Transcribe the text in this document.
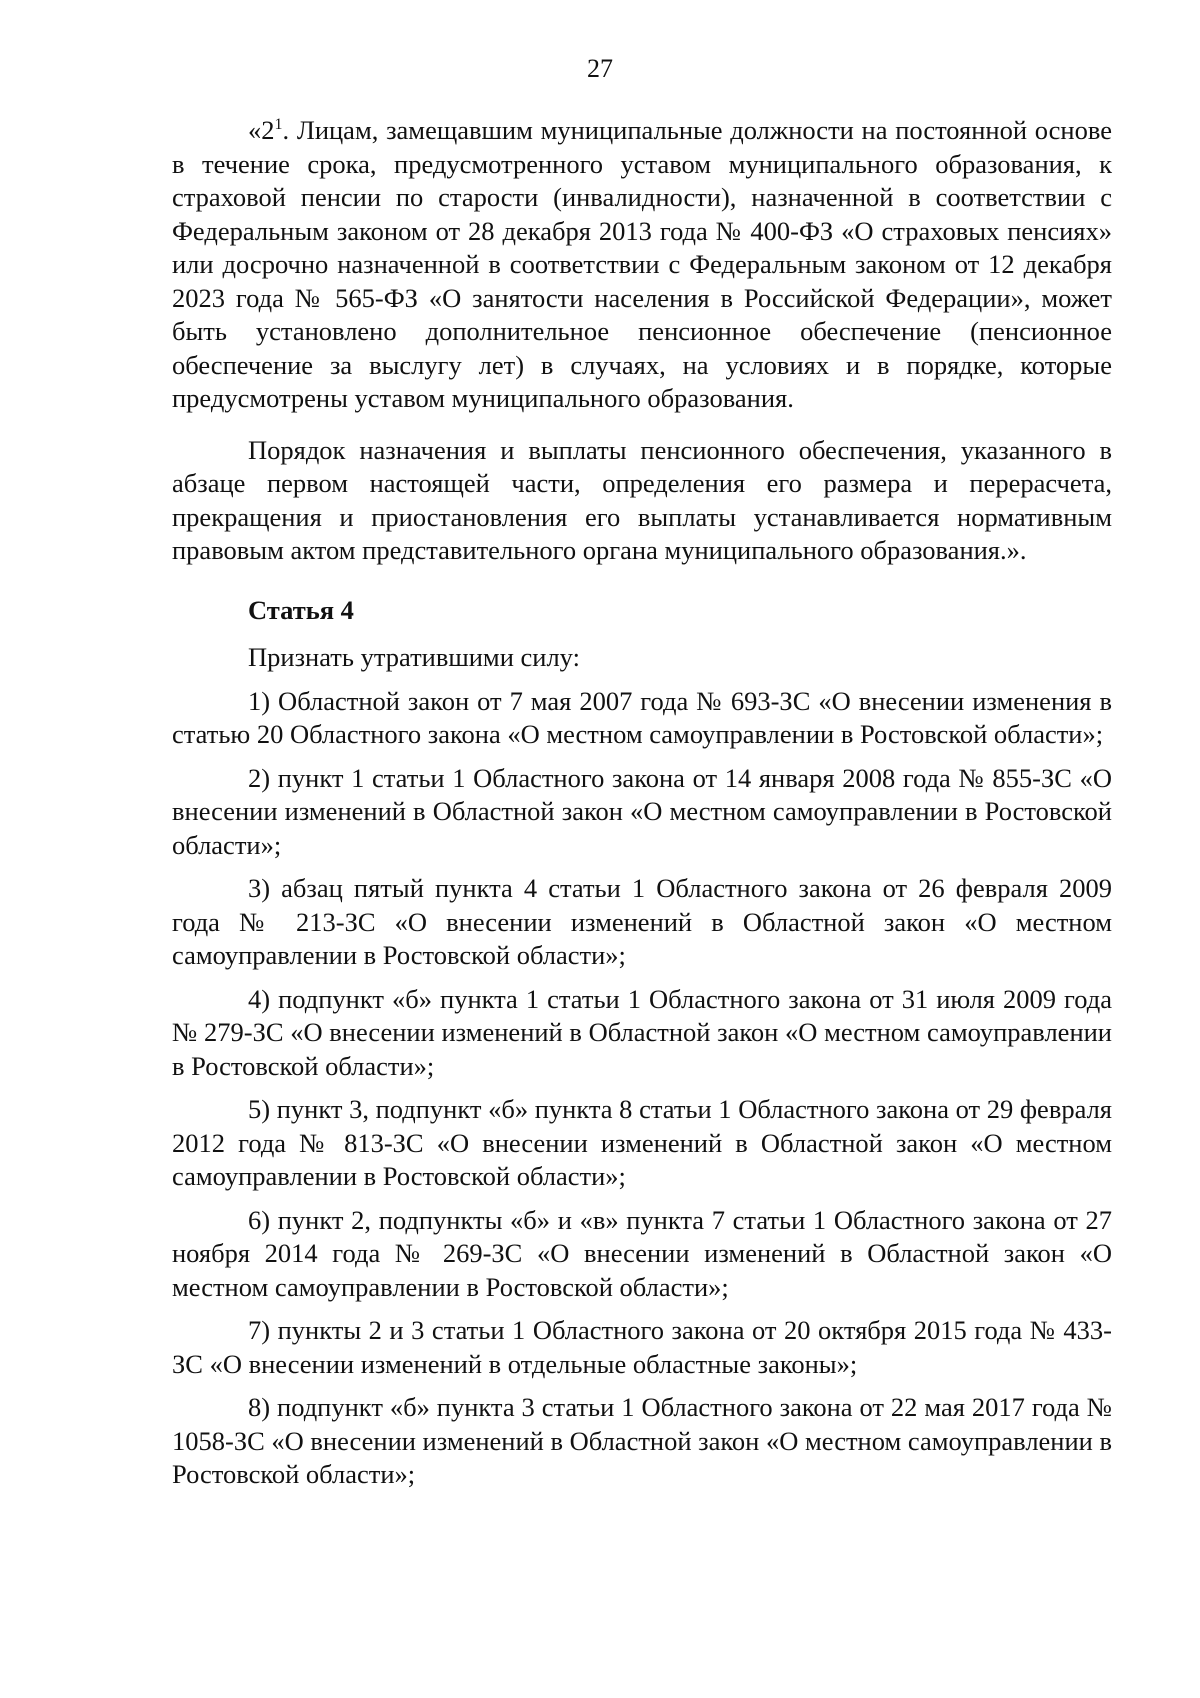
27

«$2^1$. Лицам, замещавшим муниципальные должности на постоянной основе в течение срока, предусмотренного уставом муниципального образования, к страховой пенсии по старости (инвалидности), назначенной в соответствии с Федеральным законом от 28 декабря 2013 года № 400-ФЗ «О страховых пенсиях» или досрочно назначенной в соответствии с Федеральным законом от 12 декабря 2023 года № 565-ФЗ «О занятости населения в Российской Федерации», может быть установлено дополнительное пенсионное обеспечение (пенсионное обеспечение за выслугу лет) в случаях, на условиях и в порядке, которые предусмотрены уставом муниципального образования.

Порядок назначения и выплаты пенсионного обеспечения, указанного в абзаце первом настоящей части, определения его размера и перерасчета, прекращения и приостановления его выплаты устанавливается нормативным правовым актом представительного органа муниципального образования.».

Статья 4

Признать утратившими силу:

1) Областной закон от 7 мая 2007 года № 693-ЗС «О внесении изменения в статью 20 Областного закона «О местном самоуправлении в Ростовской области»;

2) пункт 1 статьи 1 Областного закона от 14 января 2008 года № 855-ЗС «О внесении изменений в Областной закон «О местном самоуправлении в Ростовской области»;

3) абзац пятый пункта 4 статьи 1 Областного закона от 26 февраля 2009 года № 213-ЗС «О внесении изменений в Областной закон «О местном самоуправлении в Ростовской области»;

4) подпункт «б» пункта 1 статьи 1 Областного закона от 31 июля 2009 года № 279-ЗС «О внесении изменений в Областной закон «О местном самоуправлении в Ростовской области»;

5) пункт 3, подпункт «б» пункта 8 статьи 1 Областного закона от 29 февраля 2012 года № 813-ЗС «О внесении изменений в Областной закон «О местном самоуправлении в Ростовской области»;

6) пункт 2, подпункты «б» и «в» пункта 7 статьи 1 Областного закона от 27 ноября 2014 года № 269-ЗС «О внесении изменений в Областной закон «О местном самоуправлении в Ростовской области»;

7) пункты 2 и 3 статьи 1 Областного закона от 20 октября 2015 года № 433-ЗС «О внесении изменений в отдельные областные законы»;

8) подпункт «б» пункта 3 статьи 1 Областного закона от 22 мая 2017 года № 1058-ЗС «О внесении изменений в Областной закон «О местном самоуправлении в Ростовской области»;
